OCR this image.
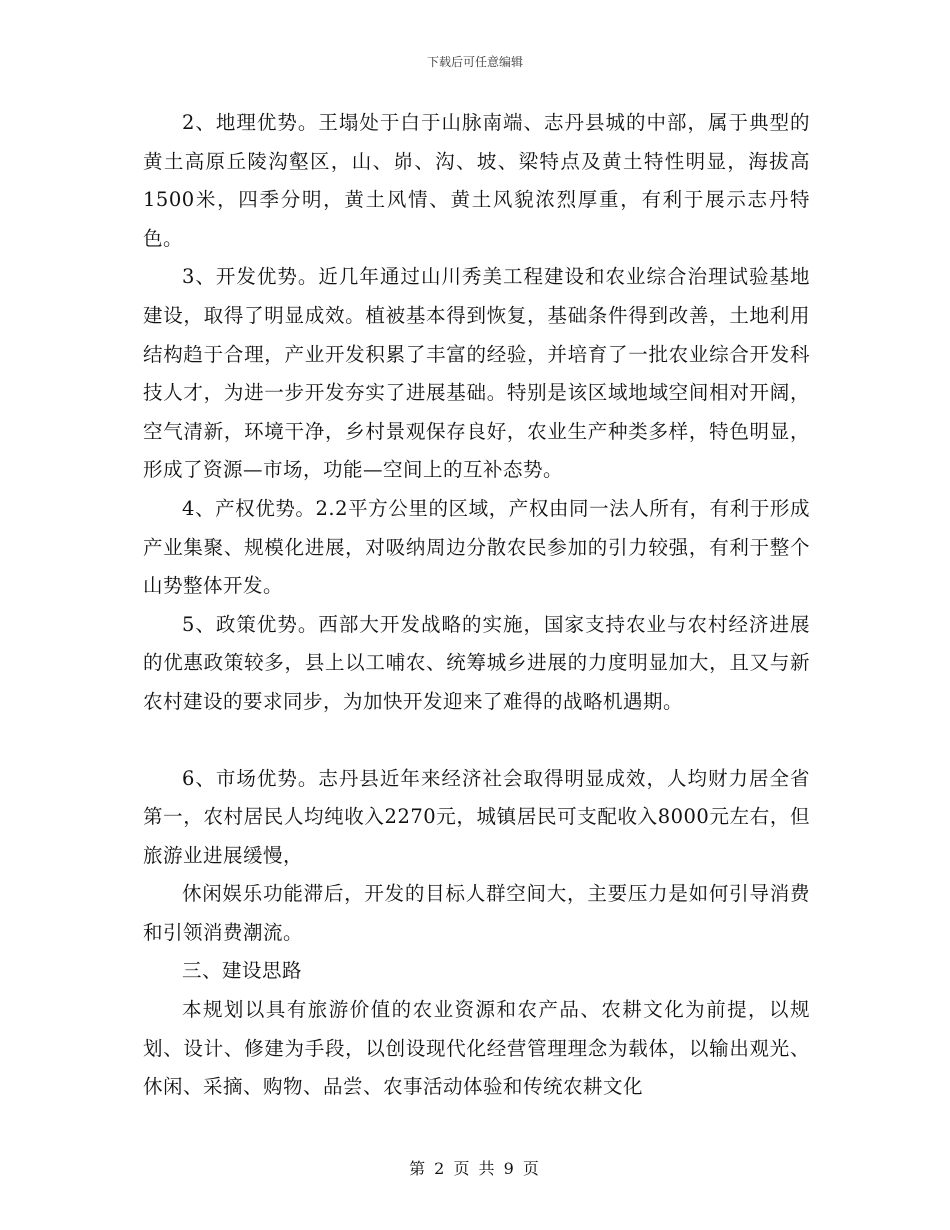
下载后可任意编辑

2、地理优势。王塌处于白于山脉南端、志丹县城的中部，属于典型的黄土高原丘陵沟壑区，山、峁、沟、坡、梁特点及黄土特性明显，海拔高1500米，四季分明，黄土风情、黄土风貌浓烈厚重，有利于展示志丹特色。

3、开发优势。近几年通过山川秀美工程建设和农业综合治理试验基地建设，取得了明显成效。植被基本得到恢复，基础条件得到改善，土地利用结构趋于合理，产业开发积累了丰富的经验，并培育了一批农业综合开发科技人才，为进一步开发夯实了进展基础。特别是该区域地域空间相对开阔，空气清新，环境干净，乡村景观保存良好，农业生产种类多样，特色明显，形成了资源—市场，功能—空间上的互补态势。

4、产权优势。2.2平方公里的区域，产权由同一法人所有，有利于形成产业集聚、规模化进展，对吸纳周边分散农民参加的引力较强，有利于整个山势整体开发。

5、政策优势。西部大开发战略的实施，国家支持农业与农村经济进展的优惠政策较多，县上以工哺农、统筹城乡进展的力度明显加大，且又与新农村建设的要求同步，为加快开发迎来了难得的战略机遇期。

6、市场优势。志丹县近年来经济社会取得明显成效，人均财力居全省第一，农村居民人均纯收入2270元，城镇居民可支配收入8000元左右，但旅游业进展缓慢，

休闲娱乐功能滞后，开发的目标人群空间大，主要压力是如何引导消费和引领消费潮流。

三、建设思路

本规划以具有旅游价值的农业资源和农产品、农耕文化为前提，以规划、设计、修建为手段，以创设现代化经营管理理念为载体，以输出观光、休闲、采摘、购物、品尝、农事活动体验和传统农耕文化

第 2 页 共 9 页
